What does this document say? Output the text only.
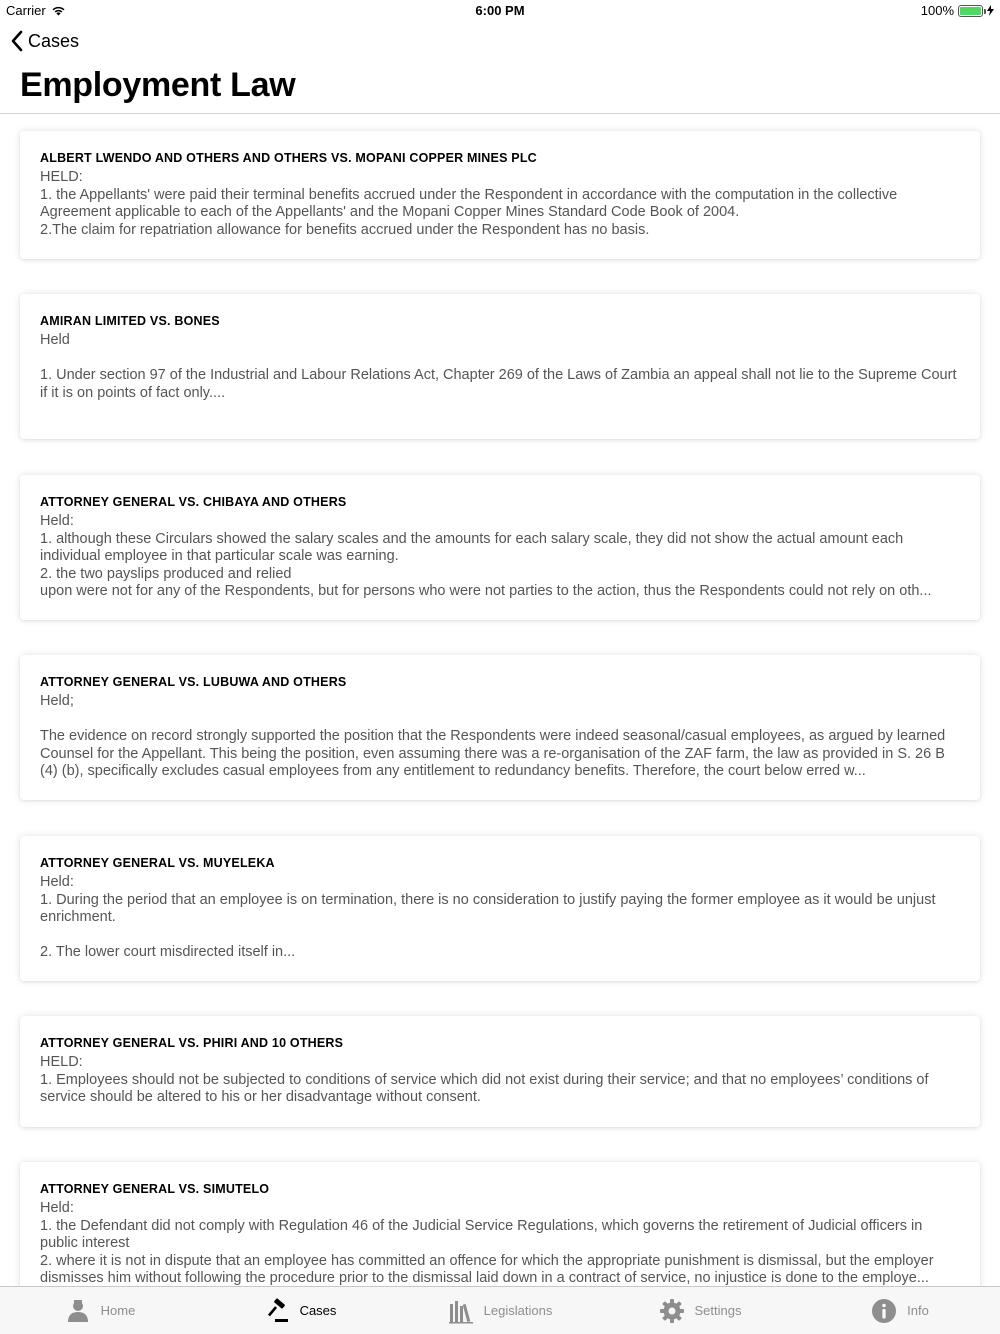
Carrier	6:00 PM	100%
Cases
Employment Law
ALBERT LWENDO AND OTHERS AND OTHERS VS. MOPANI COPPER MINES PLC
HELD:
1. the Appellants' were paid their terminal benefits accrued under the Respondent in accordance with the computation in the collective Agreement applicable to each of the Appellants' and the Mopani Copper Mines Standard Code Book of 2004.
2.The claim for repatriation allowance for benefits accrued under the Respondent has no basis.
AMIRAN LIMITED VS. BONES
Held

1. Under section 97 of the Industrial and Labour Relations Act, Chapter 269 of the Laws of Zambia an appeal shall not lie to the Supreme Court if it is on points of fact only....
ATTORNEY GENERAL VS. CHIBAYA AND OTHERS
Held:
1. although these Circulars showed the salary scales and the amounts for each salary scale, they did not show the actual amount each individual employee in that particular scale was earning.
2. the two payslips produced and relied
upon were not for any of the Respondents, but for persons who were not parties to the action, thus the Respondents could not rely on oth...
ATTORNEY GENERAL VS. LUBUWA AND OTHERS
Held;

The evidence on record strongly supported the position that the Respondents were indeed seasonal/casual employees, as argued by learned Counsel for the Appellant. This being the position, even assuming there was a re-organisation of the ZAF farm, the law as provided in S. 26 B (4) (b), specifically excludes casual employees from any entitlement to redundancy benefits. Therefore, the court below erred w...
ATTORNEY GENERAL VS. MUYELEKA
Held:
1. During the period that an employee is on termination, there is no consideration to justify paying the former employee as it would be unjust enrichment.

2. The lower court misdirected itself in...
ATTORNEY GENERAL VS. PHIRI AND 10 OTHERS
HELD:
1. Employees should not be subjected to conditions of service which did not exist during their service; and that no employees’ conditions of service should be altered to his or her disadvantage without consent.
ATTORNEY GENERAL VS. SIMUTELO
Held:
1. the Defendant did not comply with Regulation 46 of the Judicial Service Regulations, which governs the retirement of Judicial officers in public interest
2. where it is not in dispute that an employee has committed an offence for which the appropriate punishment is dismissal, but the employer dismisses him without following the procedure prior to the dismissal laid down in a contract of service, no injustice is done to the employe...
Home	Cases	Legislations	Settings	Info
